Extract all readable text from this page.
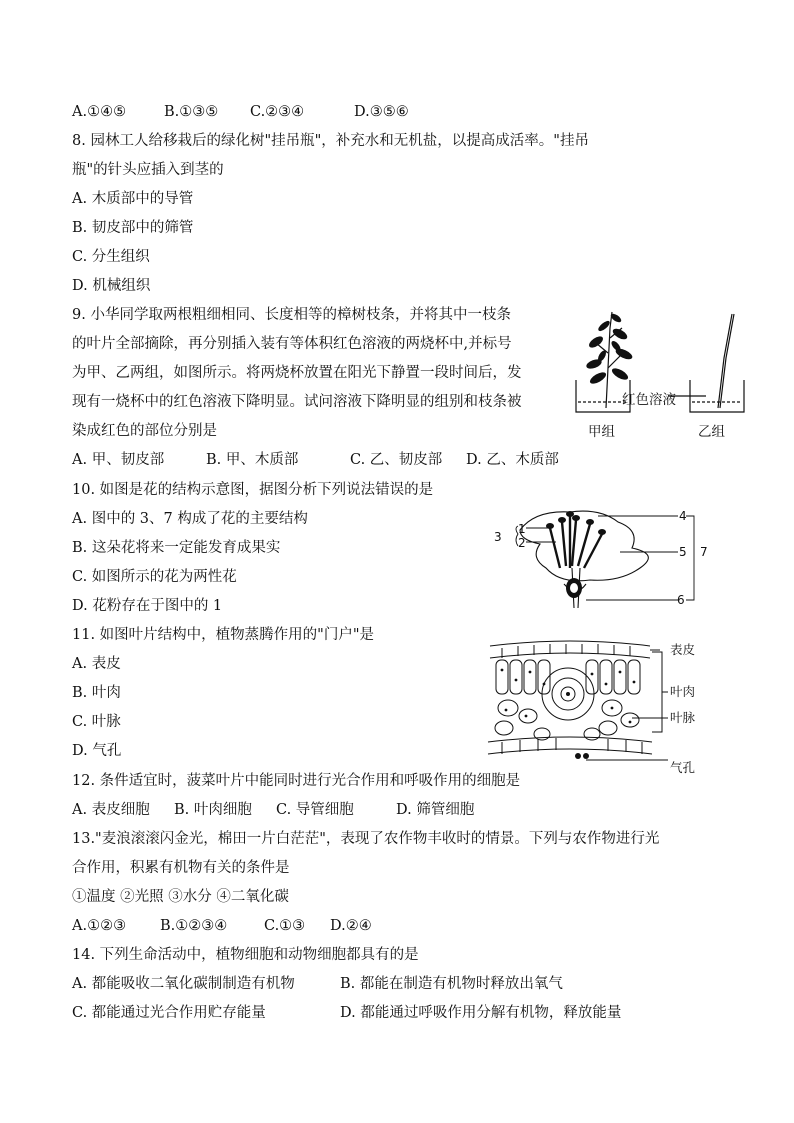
A.①④⑤	B.①③⑤ C.②③④	D.③⑤⑥
8. 园林工人给移栽后的绿化树"挂吊瓶"，补充水和无机盐，以提高成活率。"挂吊
瓶"的针头应插入到茎的
A. 木质部中的导管
B. 韧皮部中的筛管
C. 分生组织
D. 机械组织
9. 小华同学取两根粗细相同、长度相等的樟树枝条，并将其中一枝条
的叶片全部摘除，再分别插入装有等体积红色溶液的两烧杯中,并标号
为甲、乙两组，如图所示。将两烧杯放置在阳光下静置一段时间后，发
现有一烧杯中的红色溶液下降明显。试问溶液下降明显的组别和枝条被
染成红色的部位分别是
A. 甲、韧皮部	B. 甲、木质部	C. 乙、韧皮部 D. 乙、木质部
红色溶液
甲组	乙组
10. 如图是花的结构示意图，据图分析下列说法错误的是
A. 图中的 3、7 构成了花的主要结构
B. 这朵花将来一定能发育成果实
C. 如图所示的花为两性花
D. 花粉存在于图中的 1
1
2
3
4
5
6
7
11. 如图叶片结构中，植物蒸腾作用的"门户"是
A. 表皮
B. 叶肉
C. 叶脉
D. 气孔
表皮
叶肉
叶脉
气孔
12. 条件适宜时，菠菜叶片中能同时进行光合作用和呼吸作用的细胞是
A. 表皮细胞 B. 叶肉细胞 C. 导管细胞	D. 筛管细胞
13."麦浪滚滚闪金光，棉田一片白茫茫"，表现了农作物丰收时的情景。下列与农作物进行光
合作用，积累有机物有关的条件是
①温度 ②光照 ③水分 ④二氧化碳
A.①②③ B.①②③④	C.①③ D.②④
14. 下列生命活动中，植物细胞和动物细胞都具有的是
A. 都能吸收二氧化碳制制造有机物	B. 都能在制造有机物时释放出氧气
C. 都能通过光合作用贮存能量	D. 都能通过呼吸作用分解有机物，释放能量
